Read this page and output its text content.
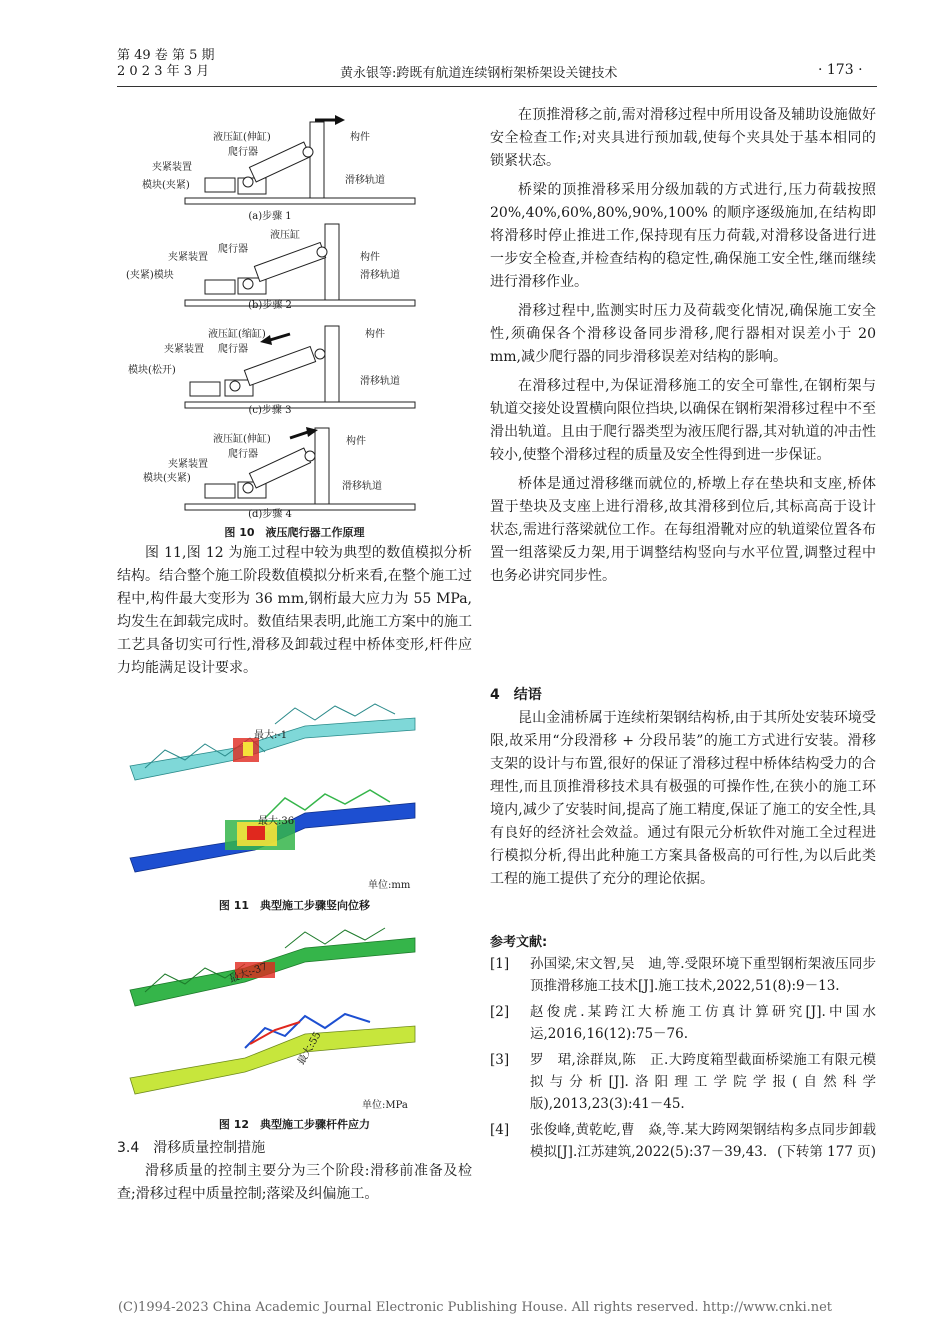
第 49 卷 第 5 期
2 0 2 3 年 3 月	黄永银等:跨既有航道连续钢桁架桥架设关键技术	· 173 ·
液压缸(伸缸)
爬行器
夹紧装置
模块(夹紧)
构件
滑移轨道
(a)步骤 1
液压缸
爬行器
夹紧装置
(夹紧)模块
构件
滑移轨道
(b)步骤 2
液压缸(缩缸)
爬行器
夹紧装置
模块(松开)
构件
滑移轨道
(c)步骤 3
液压缸(伸缸)
爬行器
夹紧装置
模块(夹紧)
构件
滑移轨道
(d)步骤 4
图 10　液压爬行器工作原理

图 11,图 12 为施工过程中较为典型的数值模拟分析结构。结合整个施工阶段数值模拟分析来看,在整个施工过程中,构件最大变形为 36 mm,钢桁最大应力为 55 MPa,均发生在卸载完成时。数值结果表明,此施工方案中的施工工艺具备切实可行性,滑移及卸载过程中桥体变形,杆件应力均能满足设计要求。

最大:-1
最大:36
单位:mm
图 11　典型施工步骤竖向位移
最大:-37
最大:55
单位:MPa
图 12　典型施工步骤杆件应力
3.4　滑移质量控制措施

滑移质量的控制主要分为三个阶段:滑移前准备及检查;滑移过程中质量控制;落梁及纠偏施工。

在顶推滑移之前,需对滑移过程中所用设备及辅助设施做好安全检查工作;对夹具进行预加载,使每个夹具处于基本相同的锁紧状态。

桥梁的顶推滑移采用分级加载的方式进行,压力荷载按照 20%,40%,60%,80%,90%,100% 的顺序逐级施加,在结构即将滑移时停止推进工作,保持现有压力荷载,对滑移设备进行进一步安全检查,并检查结构的稳定性,确保施工安全性,继而继续进行滑移作业。

滑移过程中,监测实时压力及荷载变化情况,确保施工安全性,须确保各个滑移设备同步滑移,爬行器相对误差小于 20 mm,减少爬行器的同步滑移误差对结构的影响。

在滑移过程中,为保证滑移施工的安全可靠性,在钢桁架与轨道交接处设置横向限位挡块,以确保在钢桁架滑移过程中不至滑出轨道。且由于爬行器类型为液压爬行器,其对轨道的冲击性较小,使整个滑移过程的质量及安全性得到进一步保证。

桥体是通过滑移继而就位的,桥墩上存在垫块和支座,桥体置于垫块及支座上进行滑移,故其滑移到位后,其标高高于设计状态,需进行落梁就位工作。在每组滑靴对应的轨道梁位置各布置一组落梁反力架,用于调整结构竖向与水平位置,调整过程中也务必讲究同步性。

4　结语

昆山金浦桥属于连续桁架钢结构桥,由于其所处安装环境受限,故采用“分段滑移 + 分段吊装”的施工方式进行安装。滑移支架的设计与布置,很好的保证了滑移过程中桥体结构受力的合理性,而且顶推滑移技术具有极强的可操作性,在狭小的施工环境内,减少了安装时间,提高了施工精度,保证了施工的安全性,具有良好的经济社会效益。通过有限元分析软件对施工全过程进行模拟分析,得出此种施工方案具备极高的可行性,为以后此类工程的施工提供了充分的理论依据。

参考文献:
[1]	孙国梁,宋文智,吴　迪,等.受限环境下重型钢桁架液压同步顶推滑移施工技术[J].施工技术,2022,51(8):9－13.
[2]	赵俊虎.某跨江大桥施工仿真计算研究[J].中国水运,2016,16(12):75－76.
[3]	罗　珺,涂群岚,陈　正.大跨度箱型截面桥梁施工有限元模拟与分析[J].洛阳理工学院学报(自然科学版),2013,23(3):41－45.
[4]	张俊峰,黄乾屹,曹　焱,等.某大跨网架钢结构多点同步卸载模拟[J].江苏建筑,2022(5):37－39,43. (下转第 177 页)
(C)1994-2023 China Academic Journal Electronic Publishing House. All rights reserved. http://www.cnki.net
